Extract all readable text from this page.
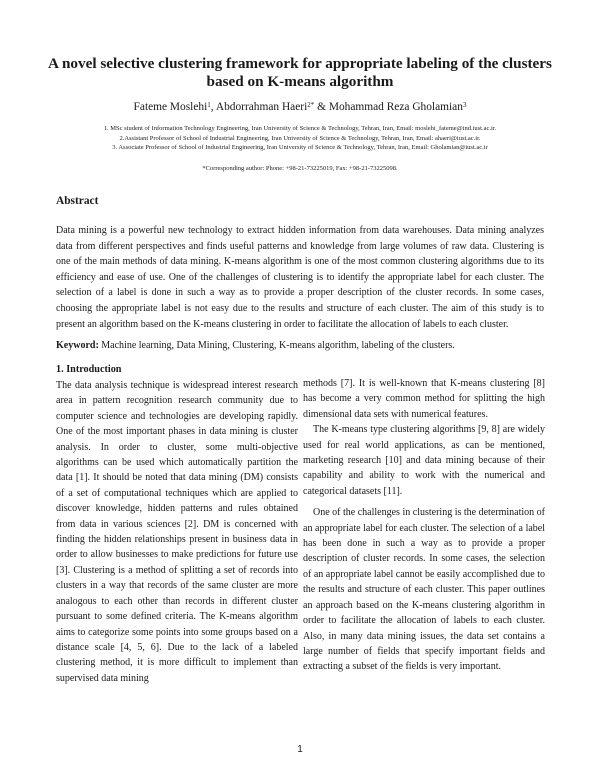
A novel selective clustering framework for appropriate labeling of the clusters
based on K-means algorithm
Fateme Moslehi$^1$, Abdorrahman Haeri$^{2*}$ & Mohammad Reza Gholamian$^3$
1. MSc student of Information Technology Engineering, Iran University of Science & Technology, Tehran, Iran, Email: moslehi_fateme@ind.iust.ac.ir.
2.Assistant Professor of School of Industrial Engineering, Iran University of Science & Technology, Tehran, Iran, Email: ahaeri@iust.ac.ir.
3. Associate Professor of School of Industrial Engineering, Iran University of Science & Technology, Tehran, Iran, Email: Gholamian@iust.ac.ir
*Corresponding author: Phone: +98-21-73225019, Fax: +98-21-73225098.
Abstract
Data mining is a powerful new technology to extract hidden information from data warehouses. Data mining analyzes data from different perspectives and finds useful patterns and knowledge from large volumes of raw data. Clustering is one of the main methods of data mining. K-means algorithm is one of the most common clustering algorithms due to its efficiency and ease of use. One of the challenges of clustering is to identify the appropriate label for each cluster. The selection of a label is done in such a way as to provide a proper description of the cluster records. In some cases, choosing the appropriate label is not easy due to the results and structure of each cluster. The aim of this study is to present an algorithm based on the K-means clustering in order to facilitate the allocation of labels to each cluster.
Keyword: Machine learning, Data Mining, Clustering, K-means algorithm, labeling of the clusters.
1. Introduction

The data analysis technique is widespread interest research area in pattern recognition research community due to computer science and technologies are developing rapidly. One of the most important phases in data mining is cluster analysis. In order to cluster, some multi-objective algorithms can be used which automatically partition the data [1]. It should be noted that data mining (DM) consists of a set of computational techniques which are applied to discover knowledge, hidden patterns and rules obtained from data in various sciences [2]. DM is concerned with finding the hidden relationships present in business data in order to allow businesses to make predictions for future use [3]. Clustering is a method of splitting a set of records into clusters in a way that records of the same cluster are more analogous to each other than records in different cluster pursuant to some defined criteria. The K-means algorithm aims to categorize some points into some groups based on a distance scale [4, 5, 6]. Due to the lack of a labeled clustering method, it is more difficult to implement than supervised data mining

methods [7]. It is well-known that K-means clustering [8] has become a very common method for splitting the high dimensional data sets with numerical features.

The K-means type clustering algorithms [9, 8] are widely used for real world applications, as can be mentioned, marketing research [10] and data mining because of their capability and ability to work with the numerical and categorical datasets [11].

One of the challenges in clustering is the determination of an appropriate label for each cluster. The selection of a label has been done in such a way as to provide a proper description of cluster records. In some cases, the selection of an appropriate label cannot be easily accomplished due to the results and structure of each cluster. This paper outlines an approach based on the K-means clustering algorithm in order to facilitate the allocation of labels to each cluster. Also, in many data mining issues, the data set contains a large number of fields that specify important fields and extracting a subset of the fields is very important.

1
